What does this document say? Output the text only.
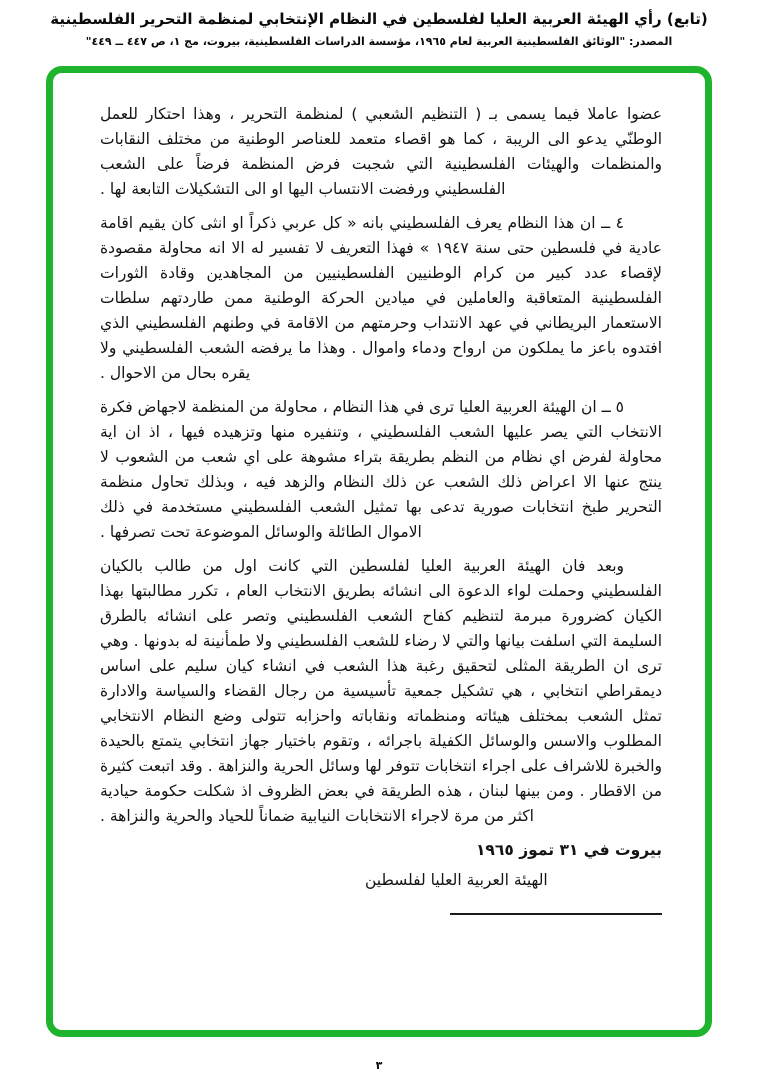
(تابع) رأي الهيئة العربية العليا لفلسطين في النظام الإنتخابي لمنظمة التحرير الفلسطينية
المصدر: "الوثائق الفلسطينية العربية لعام ١٩٦٥، مؤسسة الدراسات الفلسطينية، بيروت، مج ١، ص ٤٤٧ ــ ٤٤٩"

عضوا عاملا فيما يسمى بـ ( التنظيم الشعبي ) لمنظمة التحرير ، وهذا احتكار للعمل الوطنّي يدعو الى الريبة ، كما هو اقصاء متعمد للعناصر الوطنية من مختلف النقابات والمنظمات والهيئات الفلسطينية التي شجبت فرض المنظمة فرضاً على الشعب الفلسطيني ورفضت الانتساب اليها او الى التشكيلات التابعة لها .

٤ ــ ان هذا النظام يعرف الفلسطيني بانه « كل عربي ذكراً او انثى كان يقيم اقامة عادية في فلسطين حتى سنة ١٩٤٧ » فهذا التعريف لا تفسير له الا انه محاولة مقصودة لإقصاء عدد كبير من كرام الوطنيين الفلسطينيين من المجاهدين وقادة الثورات الفلسطينية المتعاقبة والعاملين في ميادين الحركة الوطنية ممن طاردتهم سلطات الاستعمار البريطاني في عهد الانتداب وحرمتهم من الاقامة في وطنهم الفلسطيني الذي افتدوه باعز ما يملكون من ارواح ودماء واموال . وهذا ما يرفضه الشعب الفلسطيني ولا يقره بحال من الاحوال .

٥ ــ ان الهيئة العربية العليا ترى في هذا النظام ، محاولة من المنظمة لاجهاض فكرة الانتخاب التي يصر عليها الشعب الفلسطيني ، وتنفيره منها وتزهيده فيها ، اذ ان اية محاولة لفرض اي نظام من النظم بطريقة بتراء مشوهة على اي شعب من الشعوب لا ينتج عنها الا اعراض ذلك الشعب عن ذلك النظام والزهد فيه ، وبذلك تحاول منظمة التحرير طبخ انتخابات صورية تدعى بها تمثيل الشعب الفلسطيني مستخدمة في ذلك الاموال الطائلة والوسائل الموضوعة تحت تصرفها .

وبعد فان الهيئة العربية العليا لفلسطين التي كانت اول من طالب بالكيان الفلسطيني وحملت لواء الدعوة الى انشائه بطريق الانتخاب العام ، تكرر مطالبتها بهذا الكيان كضرورة مبرمة لتنظيم كفاح الشعب الفلسطيني وتصر على انشائه بالطرق السليمة التي اسلفت بيانها والتي لا رضاء للشعب الفلسطيني ولا طمأنينة له بدونها . وهي ترى ان الطريقة المثلى لتحقيق رغبة هذا الشعب في انشاء كيان سليم على اساس ديمقراطي انتخابي ، هي تشكيل جمعية تأسيسية من رجال القضاء والسياسة والادارة تمثل الشعب بمختلف هيئاته ومنظماته ونقاباته واحزابه تتولى وضع النظام الانتخابي المطلوب والاسس والوسائل الكفيلة باجرائه ، وتقوم باختيار جهاز انتخابي يتمتع بالحيدة والخبرة للاشراف على اجراء انتخابات تتوفر لها وسائل الحرية والنزاهة . وقد اتبعت كثيرة من الاقطار . ومن بينها لبنان ، هذه الطريقة في بعض الظروف اذ شكلت حكومة حيادية اكثر من مرة لاجراء الانتخابات النيابية ضماناً للحياد والحرية والنزاهة .

بيروت في ٣١ تموز ١٩٦٥
الهيئة العربية العليا لفلسطين
٣
